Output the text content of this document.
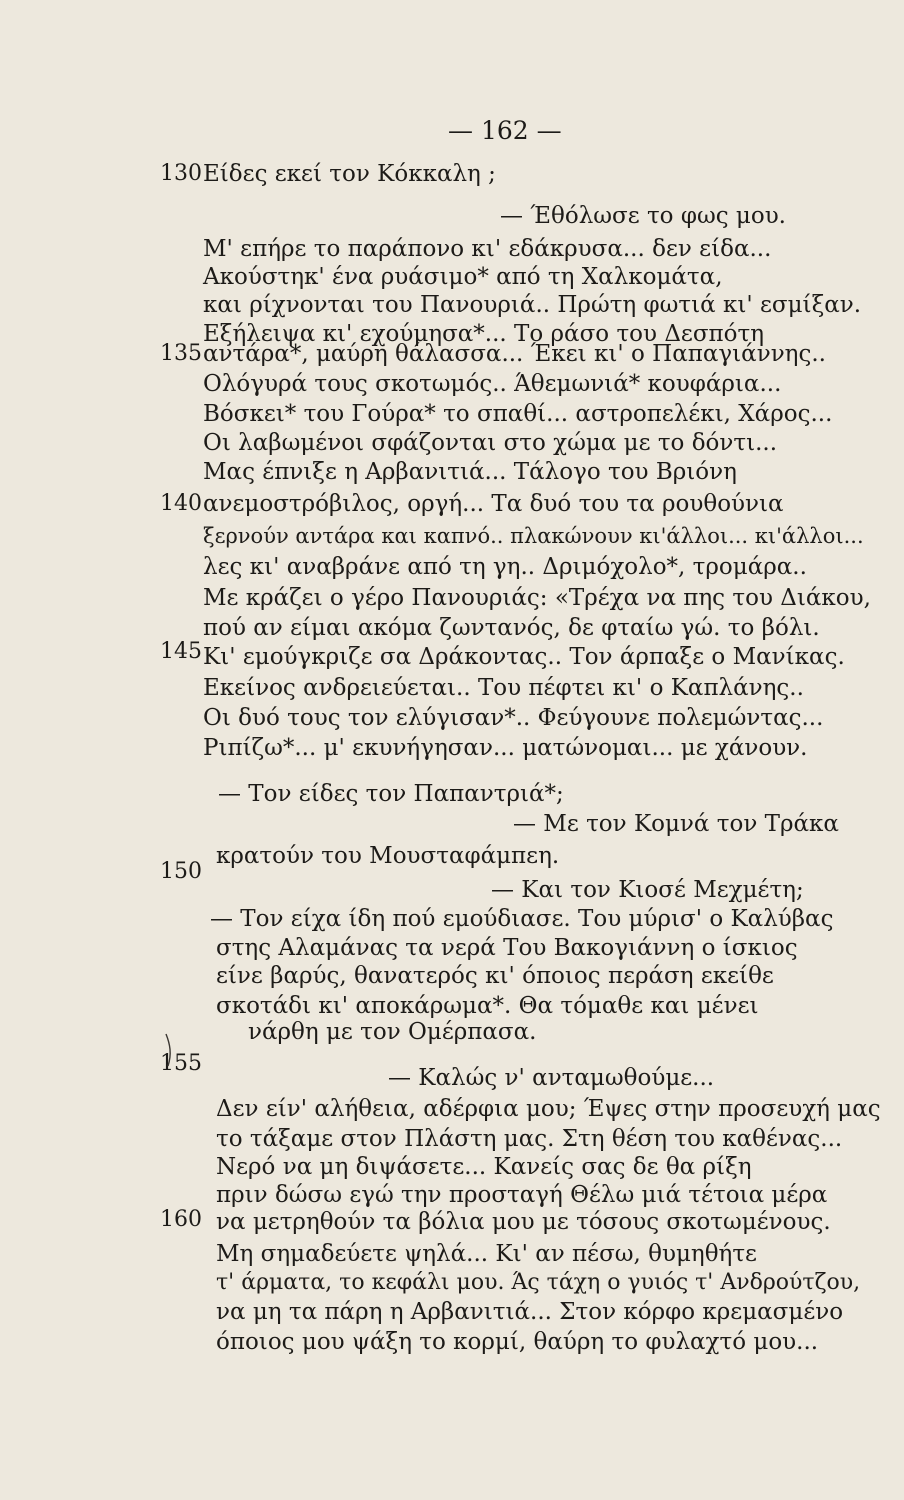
— 162 —
130
135
140
145
150
155
160
Είδες εκεί τον Κόκκαλη ;
— Έθόλωσε το φως μου.
Μ' επήρε το παράπονο κι' εδάκρυσα... δεν είδα...
Ακούστηκ' ένα ρυάσιμο* από τη Χαλκομάτα,
και ρίχνονται του Πανουριά.. Πρώτη φωτιά κι' εσμίξαν.
Εξήλειψα κι' εχούμησα*... Το ράσο του Δεσπότη
αντάρα*, μαύρη θάλασσα... Έκει κι' ο Παπαγιάννης..
Ολόγυρά τους σκοτωμός.. Άθεμωνιά* κουφάρια...
Βόσκει* του Γούρα* το σπαθί... αστροπελέκι, Χάρος...
Οι λαβωμένοι σφάζονται στο χώμα με το δόντι...
Μας έπνιξε η Αρβανιτιά... Τάλογο του Βριόνη
ανεμοστρόβιλος, οργή... Τα δυό του τα ρουθούνια
ξερνούν αντάρα και καπνό.. πλακώνουν κι'άλλοι... κι'άλλοι...
λες κι' αναβράνε από τη γη.. Δριμόχολο*, τρομάρα..
Με κράζει ο γέρο Πανουριάς: «Τρέχα να πης του Διάκου,
πού αν είμαι ακόμα ζωντανός, δε φταίω γώ. το βόλι.
Κι' εμούγκριζε σα Δράκοντας.. Τον άρπαξε ο Μανίκας.
Εκείνος ανδρειεύεται.. Του πέφτει κι' ο Καπλάνης..
Οι δυό τους τον ελύγισαν*.. Φεύγουνε πολεμώντας...
Ριπίζω*... μ' εκυνήγησαν... ματώνομαι... με χάνουν.
— Τον είδες τον Παπαντριά*;
— Με τον Κομνά τον Τράκα
κρατούν του Μουσταφάμπεη.
— Και τον Κιοσέ Μεχμέτη;
— Τον είχα ίδη πού εμούδιασε. Του μύρισ' ο Καλύβας
στης Αλαμάνας τα νερά Του Βακογιάννη ο ίσκιος
είνε βαρύς, θανατερός κι' όποιος περάση εκείθε
σκοτάδι κι' αποκάρωμα*. Θα τόμαθε και μένει
νάρθη με τον Ομέρπασα.
— Καλώς ν' ανταμωθούμε...
Δεν είν' αλήθεια, αδέρφια μου; Έψες στην προσευχή μας
το τάξαμε στον Πλάστη μας. Στη θέση του καθένας...
Νερό να μη διψάσετε... Κανείς σας δε θα ρίξη
πριν δώσω εγώ την προσταγή Θέλω μιά τέτοια μέρα
να μετρηθούν τα βόλια μου με τόσους σκοτωμένους.
Μη σημαδεύετε ψηλά... Κι' αν πέσω, θυμηθήτε
τ' άρματα, το κεφάλι μου. Άς τάχη ο γυιός τ' Ανδρούτζου,
να μη τα πάρη η Αρβανιτιά... Στον κόρφο κρεμασμένο
όποιος μου ψάξη το κορμί, θαύρη το φυλαχτό μου...
